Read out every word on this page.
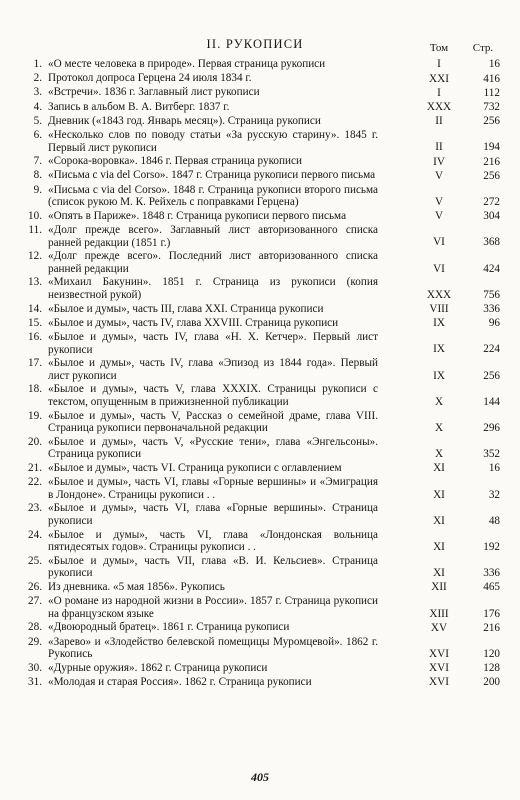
II. РУКОПИСИ	Том	Стр.
1. «О месте человека в природе». Первая страница рукописи	I	16
2. Протокол допроса Герцена 24 июля 1834 г.	XXI	416
3. «Встречи». 1836 г. Заглавный лист рукописи	I	112
4. Запись в альбом В. А. Витберг. 1837 г.	XXX	732
5. Дневник («1843 год. Январь месяц»). Страница рукописи	II	256
6. «Несколько слов по поводу статьи «За русскую старину». 1845 г. Первый лист рукописи	II	194
7. «Сорока-воровка». 1846 г. Первая страница рукописи	IV	216
8. «Письма с via del Corso». 1847 г. Страница рукописи первого письма	V	256
9. «Письма с via del Corso». 1848 г. Страница рукописи второго письма (список рукою М. К. Рейхель с поправками Герцена)	V	272
10. «Опять в Париже». 1848 г. Страница рукописи первого письма	V	304
11. «Долг прежде всего». Заглавный лист авторизованного списка ранней редакции (1851 г.)	VI	368
12. «Долг прежде всего». Последний лист авторизованного списка ранней редакции	VI	424
13. «Михаил Бакунин». 1851 г. Страница из рукописи (копия неизвестной рукой)	XXX	756
14. «Былое и думы», часть III, глава XXI. Страница рукописи	VIII	336
15. «Былое и думы», часть IV, глава XXVIII. Страница рукописи	IX	96
16. «Былое и думы», часть IV, глава «Н. Х. Кетчер». Первый лист рукописи	IX	224
17. «Былое и думы», часть IV, глава «Эпизод из 1844 года». Первый лист рукописи	IX	256
18. «Былое и думы», часть V, глава XXXIX. Страницы рукописи с текстом, опущенным в прижизненной публикации	X	144
19. «Былое и думы», часть V, Рассказ о семейной драме, глава VIII. Страница рукописи первоначальной редакции	X	296
20. «Былое и думы», часть V, «Русские тени», глава «Энгельсоны». Страница рукописи	X	352
21. «Былое и думы», часть VI. Страница рукописи с оглавлением	XI	16
22. «Былое и думы», часть VI, главы «Горные вершины» и «Эмиграция в Лондоне». Страницы рукописи . .	XI	32
23. «Былое и думы», часть VI, глава «Горные вершины». Страница рукописи	XI	48
24. «Былое и думы», часть VI, глава «Лондонская вольница пятидесятых годов». Страницы рукописи . .	XI	192
25. «Былое и думы», часть VII, глава «В. И. Кельсиев». Страница рукописи	XI	336
26. Из дневника. «5 мая 1856». Рукопись	XII	465
27. «О романе из народной жизни в России». 1857 г. Страница рукописи на французском языке	XIII	176
28. «Двоюродный братец». 1861 г. Страница рукописи	XV	216
29. «Зарево» и «Злодейство белевской помещицы Муромцевой». 1862 г. Рукопись	XVI	120
30. «Дурные оружия». 1862 г. Страница рукописи	XVI	128
31. «Молодая и старая Россия». 1862 г. Страница рукописи	XVI	200
405
